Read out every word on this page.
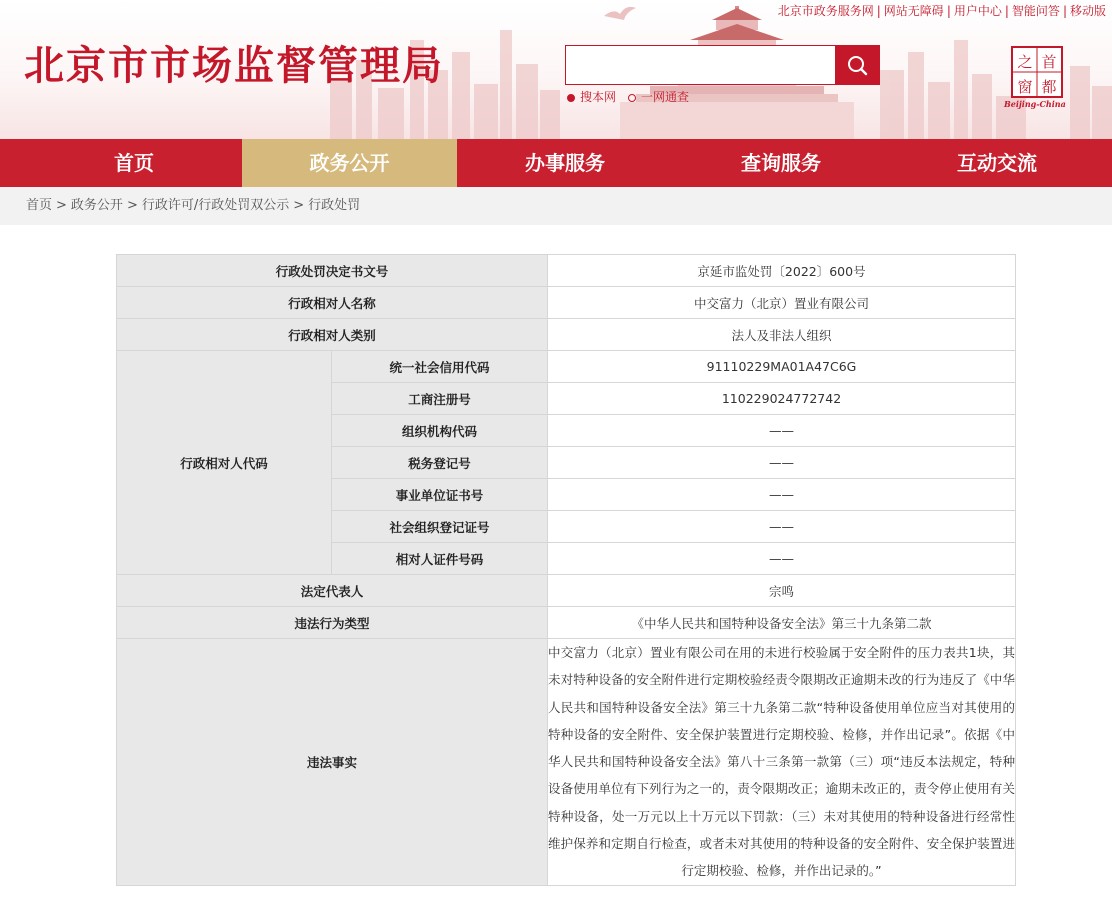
北京市政务服务网 | 网站无障碍 | 用户中心 | 智能问答 | 移动版
北京市市场监督管理局
搜本网 一网通查
首
都
之
窗
Beijing-China
首页	政务公开	办事服务	查询服务	互动交流
首页 > 政务公开 > 行政许可/行政处罚双公示 > 行政处罚
行政处罚决定书文号		京延市监处罚〔2022〕600号
行政相对人名称		中交富力（北京）置业有限公司
行政相对人类别		法人及非法人组织
行政相对人代码	统一社会信用代码	91110229MA01A47C6G
	工商注册号	110229024772742
	组织机构代码	——
	税务登记号	——
	事业单位证书号	——
	社会组织登记证号	——
	相对人证件号码	——
法定代表人		宗鸣
违法行为类型		《中华人民共和国特种设备安全法》第三十九条第二款
违法事实		中交富力（北京）置业有限公司在用的未进行校验属于安全附件的压力表共1块，其未对特种设备的安全附件进行定期校验经责令限期改正逾期未改的行为违反了《中华人民共和国特种设备安全法》第三十九条第二款“特种设备使用单位应当对其使用的特种设备的安全附件、安全保护装置进行定期校验、检修，并作出记录”。依据《中华人民共和国特种设备安全法》第八十三条第一款第（三）项“违反本法规定，特种设备使用单位有下列行为之一的，责令限期改正；逾期未改正的，责令停止使用有关特种设备，处一万元以上十万元以下罚款：（三）未对其使用的特种设备进行经常性维护保养和定期自行检查，或者未对其使用的特种设备的安全附件、安全保护装置进行定期校验、检修，并作出记录的。”
